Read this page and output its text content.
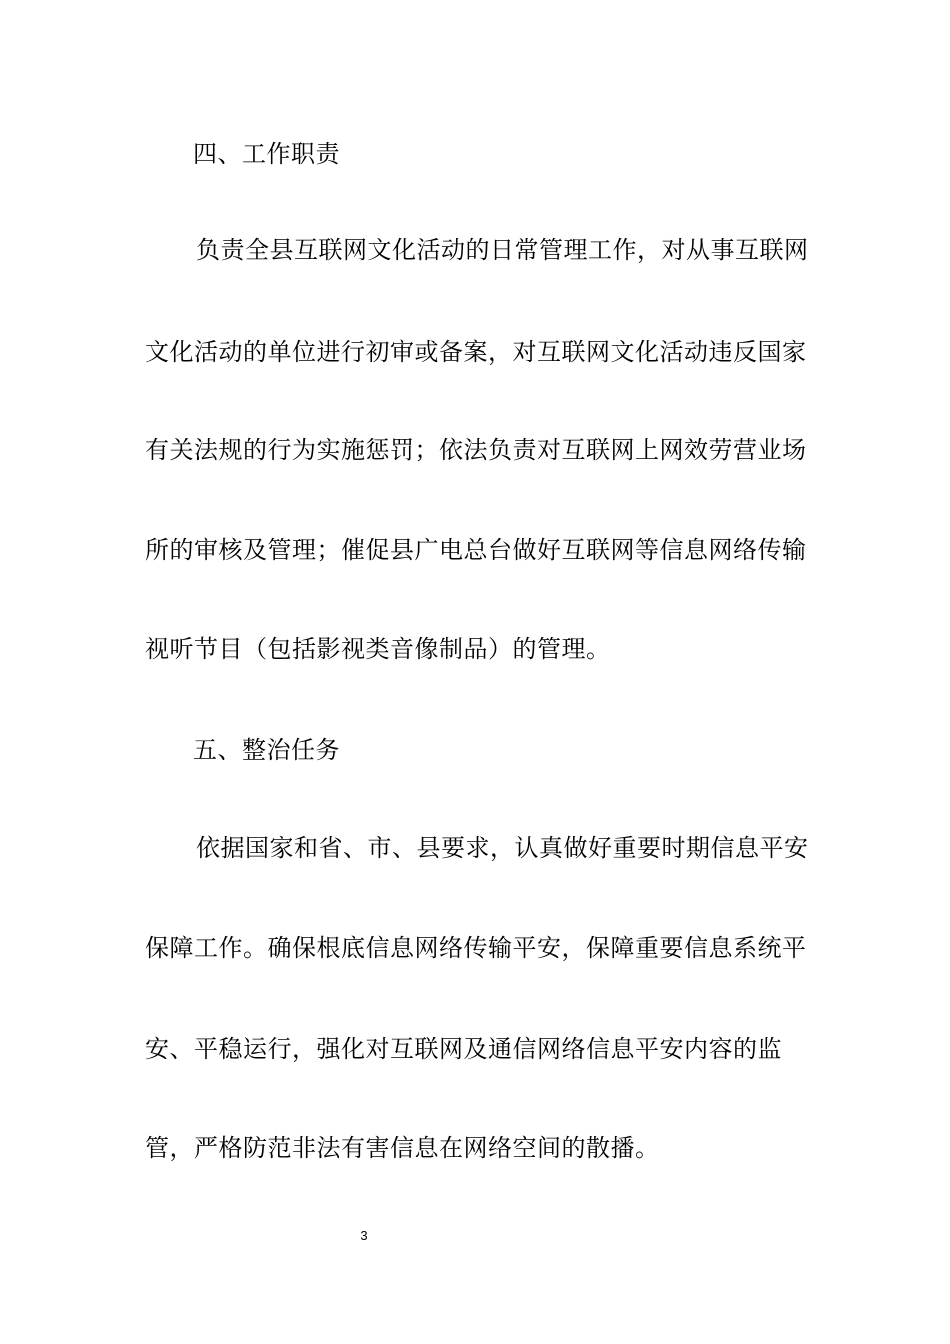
四、工作职责
负责全县互联网文化活动的日常管理工作，对从事互联网
文化活动的单位进行初审或备案，对互联网文化活动违反国家
有关法规的行为实施惩罚；依法负责对互联网上网效劳营业场
所的审核及管理；催促县广电总台做好互联网等信息网络传输
视听节目（包括影视类音像制品）的管理。
五、整治任务
依据国家和省、市、县要求，认真做好重要时期信息平安
保障工作。确保根底信息网络传输平安，保障重要信息系统平
安、平稳运行，强化对互联网及通信网络信息平安内容的监
管，严格防范非法有害信息在网络空间的散播。
3
